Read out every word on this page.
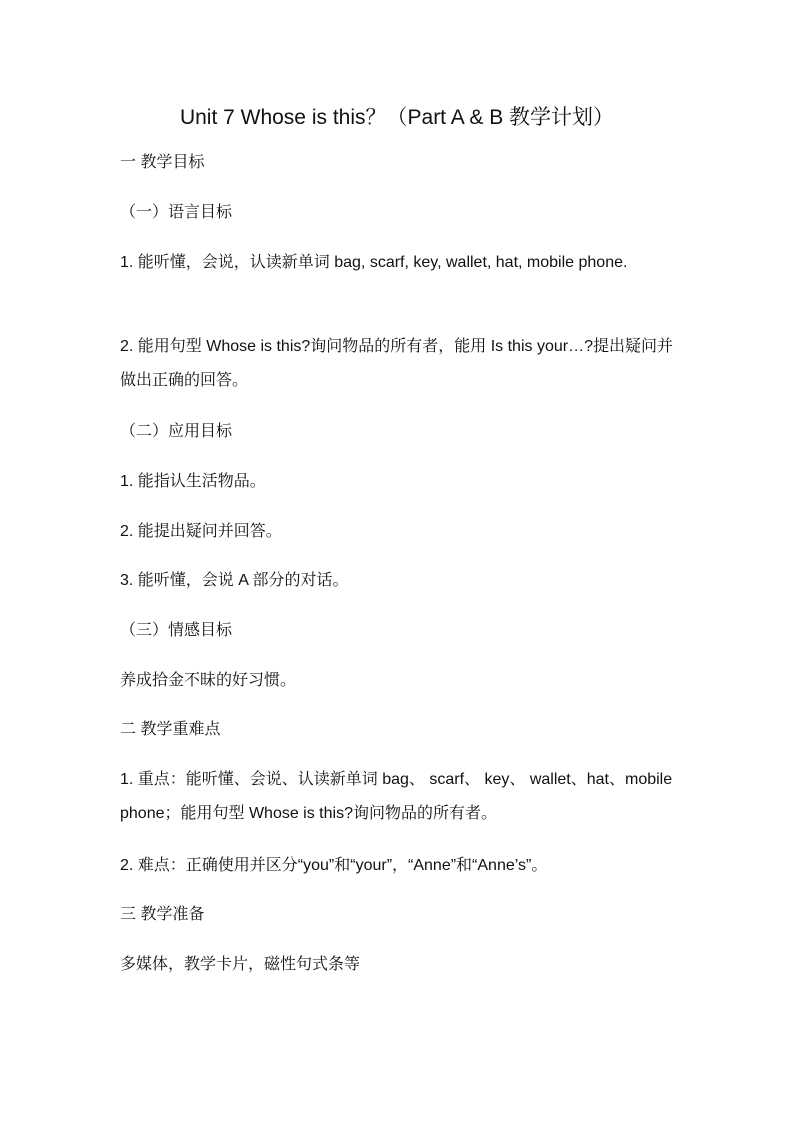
Unit 7 Whose is this？（Part A & B 教学计划）
一 教学目标
（一）语言目标
1. 能听懂，会说，认读新单词 bag, scarf, key, wallet, hat, mobile phone.
2. 能用句型 Whose is this?询问物品的所有者，能用 Is this your…?提出疑问并做出正确的回答。
（二）应用目标
1. 能指认生活物品。
2. 能提出疑问并回答。
3. 能听懂，会说 A 部分的对话。
（三）情感目标
养成拾金不昧的好习惯。
二 教学重难点
1. 重点：能听懂、会说、认读新单词 bag、 scarf、 key、 wallet、hat、mobile phone；能用句型 Whose is this?询问物品的所有者。
2. 难点：正确使用并区分“you”和“your”，“Anne”和“Anne’s”。
三 教学准备
多媒体，教学卡片，磁性句式条等
